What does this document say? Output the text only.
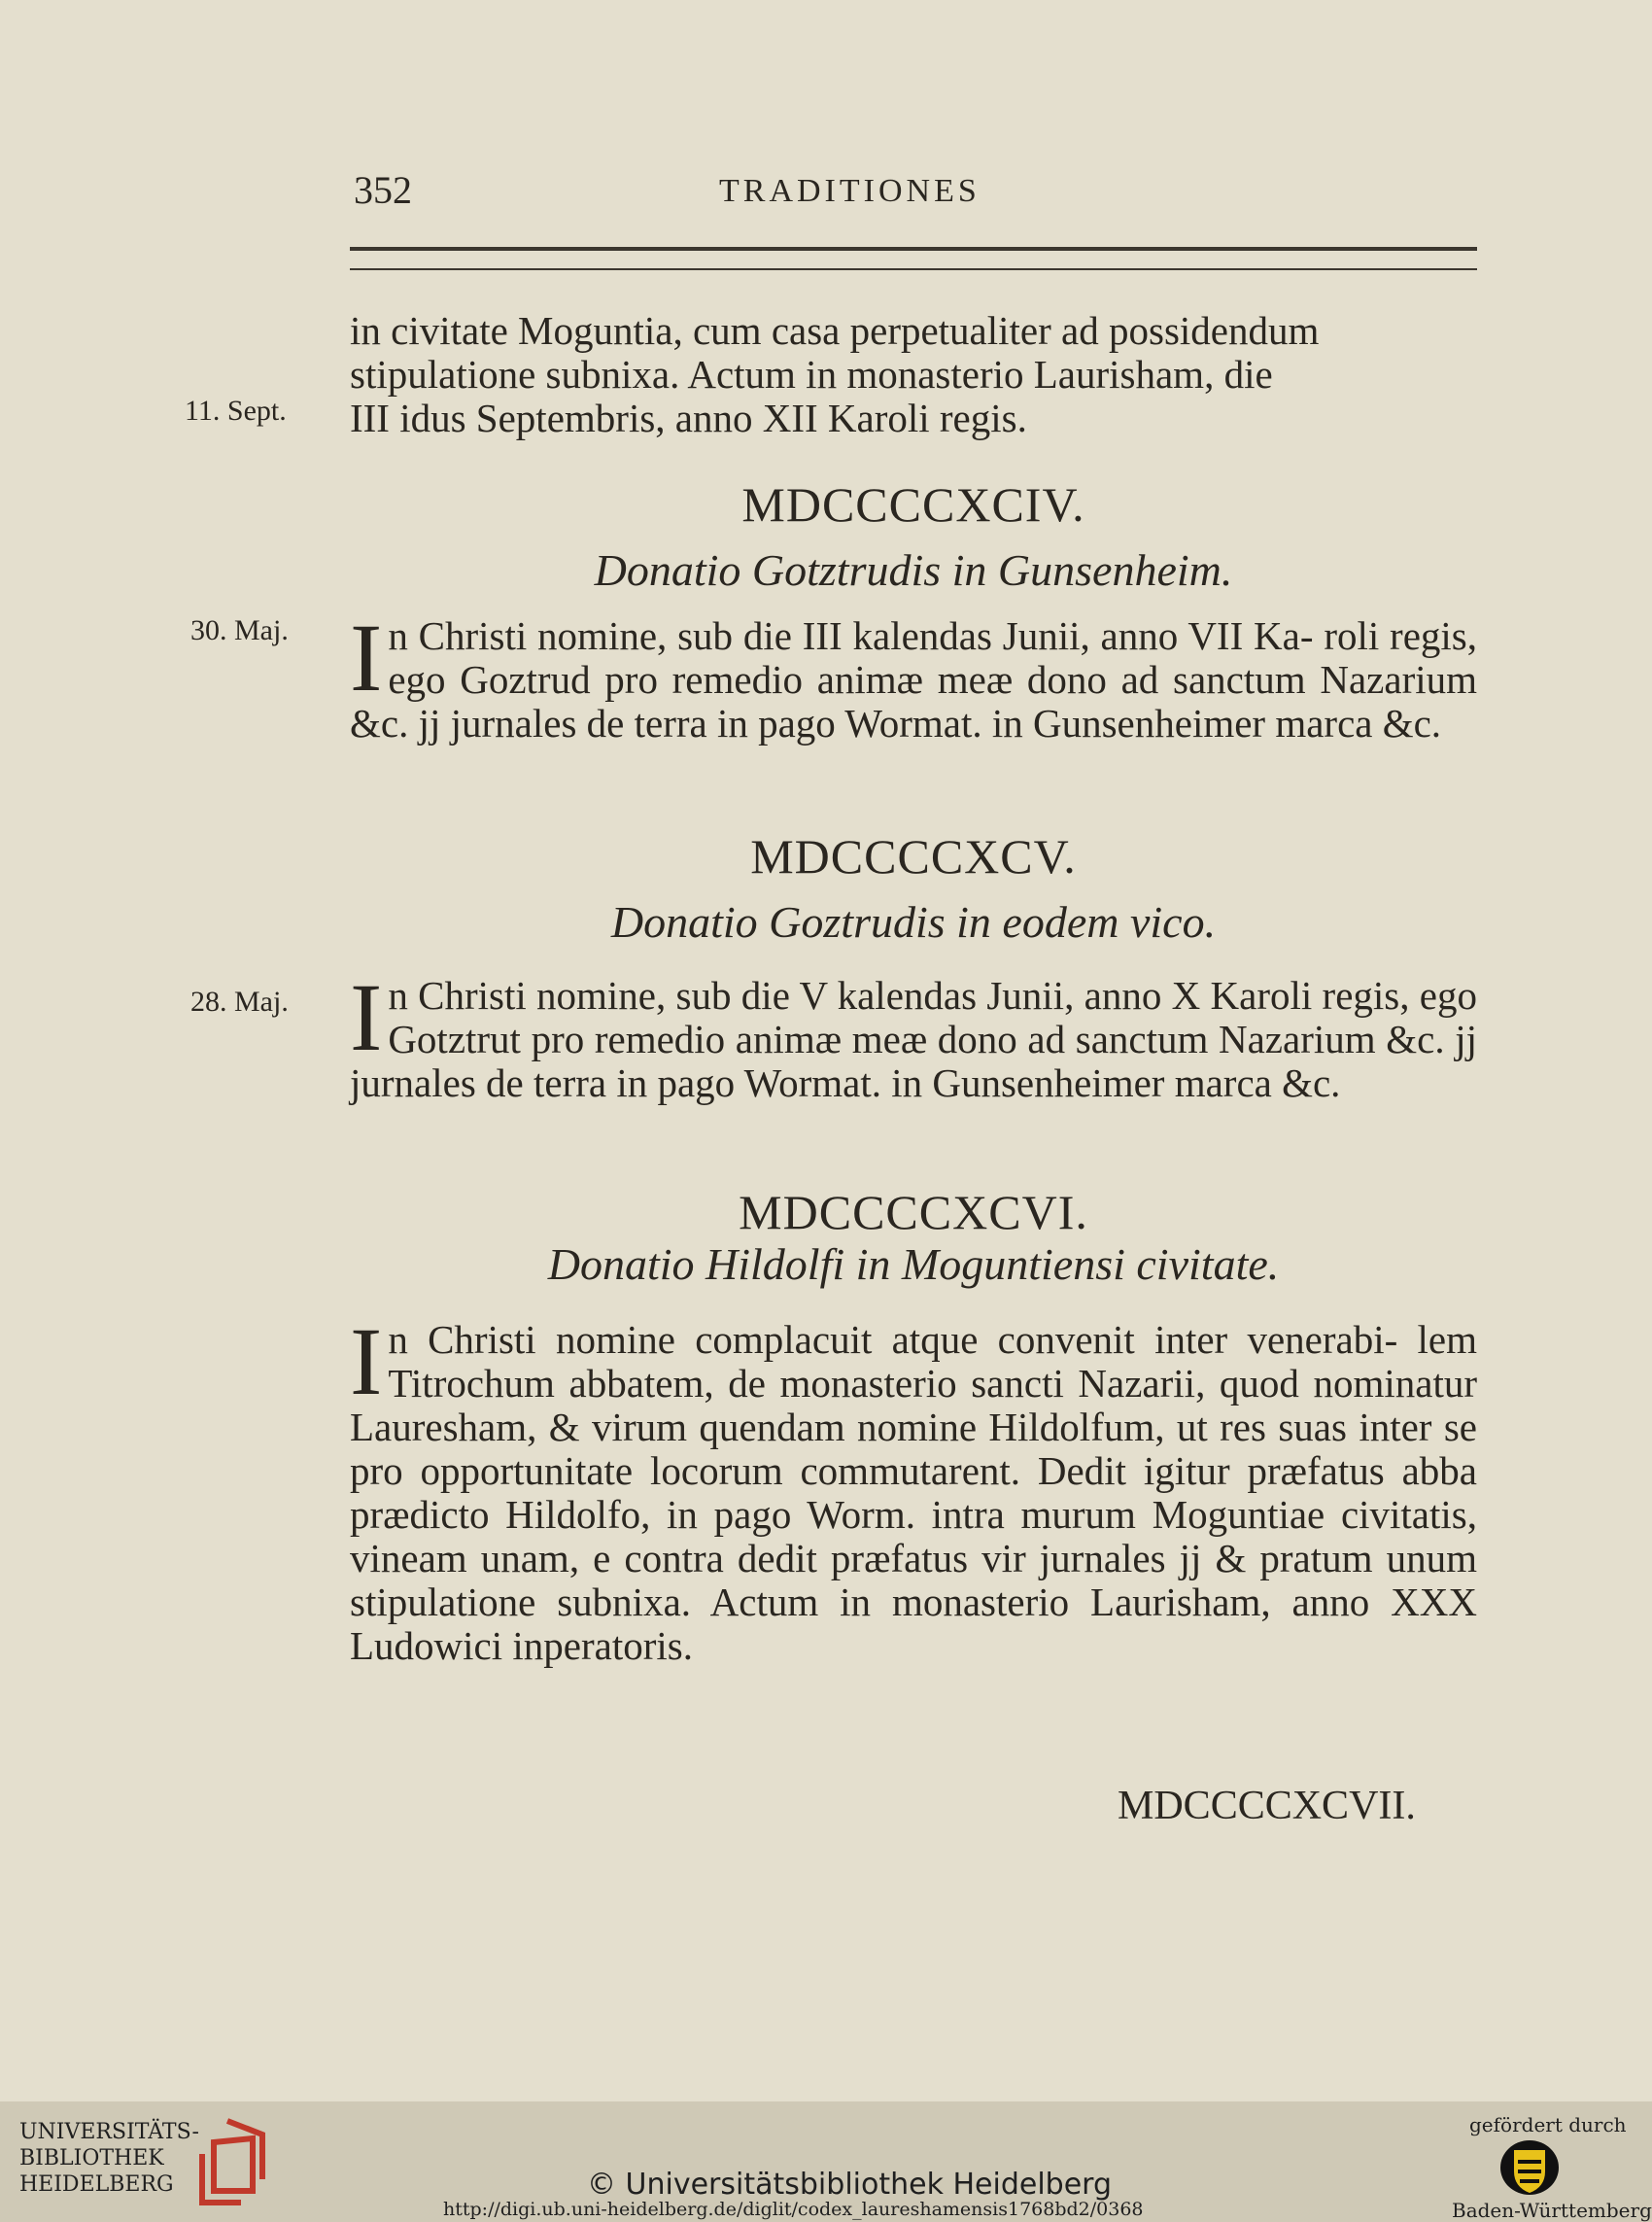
352	TRADITIONES
in civitate Moguntia, cum casa perpetualiter ad possidendum
stipulatione subnixa. Actum in monasterio Laurisham, die
III idus Septembris, anno XII Karoli regis.
11. Sept.
MDCCCCXCIV.
Donatio Gotztrudis in Gunsenheim.
30. Maj. I n Christi nomine, sub die III kalendas Junii, anno VII Ka- roli regis, ego Goztrud pro remedio animæ meæ dono ad sanctum Nazarium &c. jj jurnales de terra in pago Wormat. in Gunsenheimer marca &c.
MDCCCCXCV.
Donatio Goztrudis in eodem vico.
28. Maj. I n Christi nomine, sub die V kalendas Junii, anno X Karoli regis, ego Gotztrut pro remedio animæ meæ dono ad sanctum Nazarium &c. jj jurnales de terra in pago Wormat. in Gunsenheimer marca &c.
MDCCCCXCVI.
Donatio Hildolfi in Moguntiensi civitate.
I n Christi nomine complacuit atque convenit inter venerabi- lem Titrochum abbatem, de monasterio sancti Nazarii, quod nominatur Lauresham, & virum quendam nomine Hildolfum, ut res suas inter se pro opportunitate locorum commutarent. Dedit igitur præfatus abba prædicto Hildolfo, in pago Worm. intra murum Moguntiae civitatis, vineam unam, e contra dedit præfatus vir jurnales jj & pratum unum stipulatione subnixa. Actum in monasterio Laurisham, anno XXX Ludowici inperatoris.
MDCCCCXCVII.
UNIVERSITÄTS-
BIBLIOTHEK
HEIDELBERG	© Universitätsbibliothek Heidelberg
http://digi.ub.uni-heidelberg.de/diglit/codex_laureshamensis1768bd2/0368
gefördert durch
Baden-Württemberg
